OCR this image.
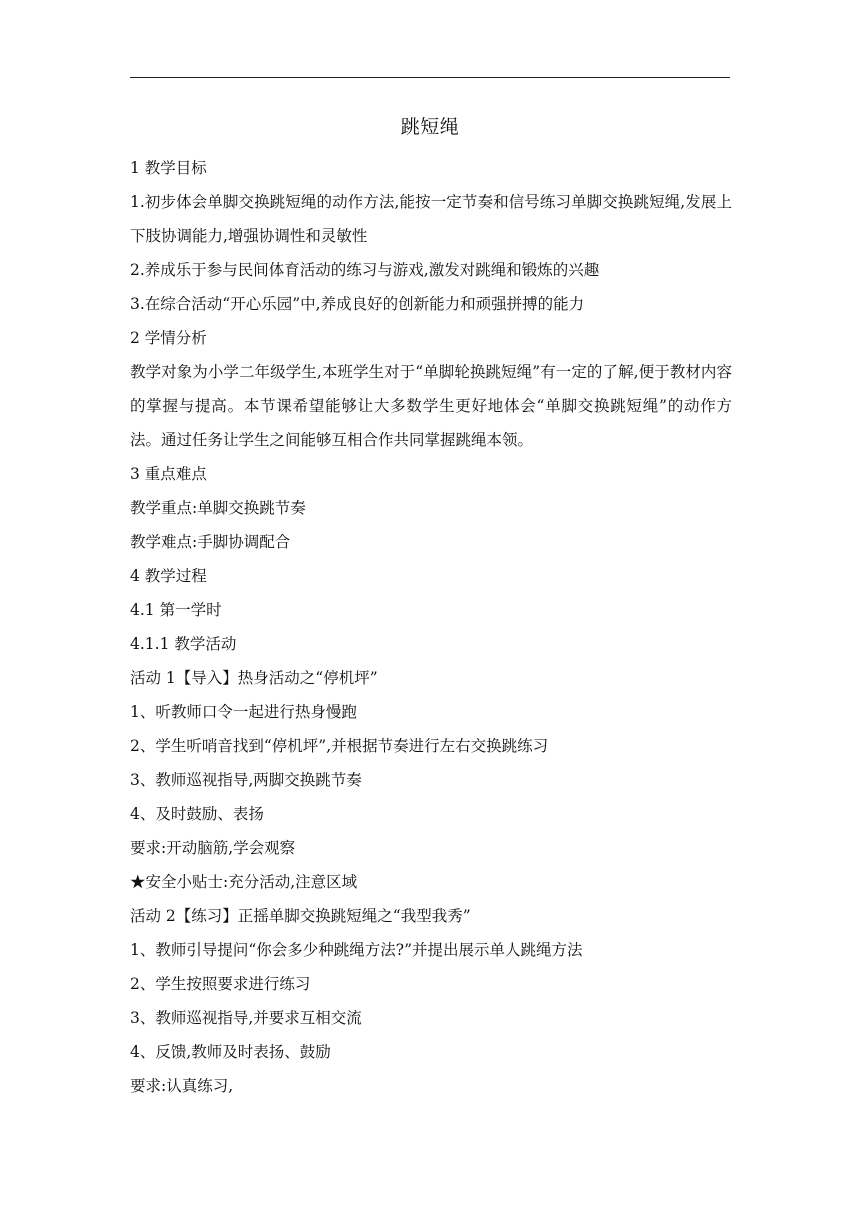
跳短绳
1 教学目标
1.初步体会单脚交换跳短绳的动作方法,能按一定节奏和信号练习单脚交换跳短绳,发展上下肢协调能力,增强协调性和灵敏性
2.养成乐于参与民间体育活动的练习与游戏,激发对跳绳和锻炼的兴趣
3.在综合活动“开心乐园”中,养成良好的创新能力和顽强拼搏的能力
2 学情分析
教学对象为小学二年级学生,本班学生对于“单脚轮换跳短绳”有一定的了解,便于教材内容的掌握与提高。本节课希望能够让大多数学生更好地体会“单脚交换跳短绳”的动作方法。通过任务让学生之间能够互相合作共同掌握跳绳本领。
3 重点难点
教学重点:单脚交换跳节奏
教学难点:手脚协调配合
4 教学过程
4.1 第一学时
4.1.1 教学活动
活动 1【导入】热身活动之“停机坪”
1、听教师口令一起进行热身慢跑
2、学生听哨音找到“停机坪”,并根据节奏进行左右交换跳练习
3、教师巡视指导,两脚交换跳节奏
4、及时鼓励、表扬
要求:开动脑筋,学会观察
★安全小贴士:充分活动,注意区域
活动 2【练习】正摇单脚交换跳短绳之“我型我秀”
1、教师引导提问“你会多少种跳绳方法?”并提出展示单人跳绳方法
2、学生按照要求进行练习
3、教师巡视指导,并要求互相交流
4、反馈,教师及时表扬、鼓励
要求:认真练习,
